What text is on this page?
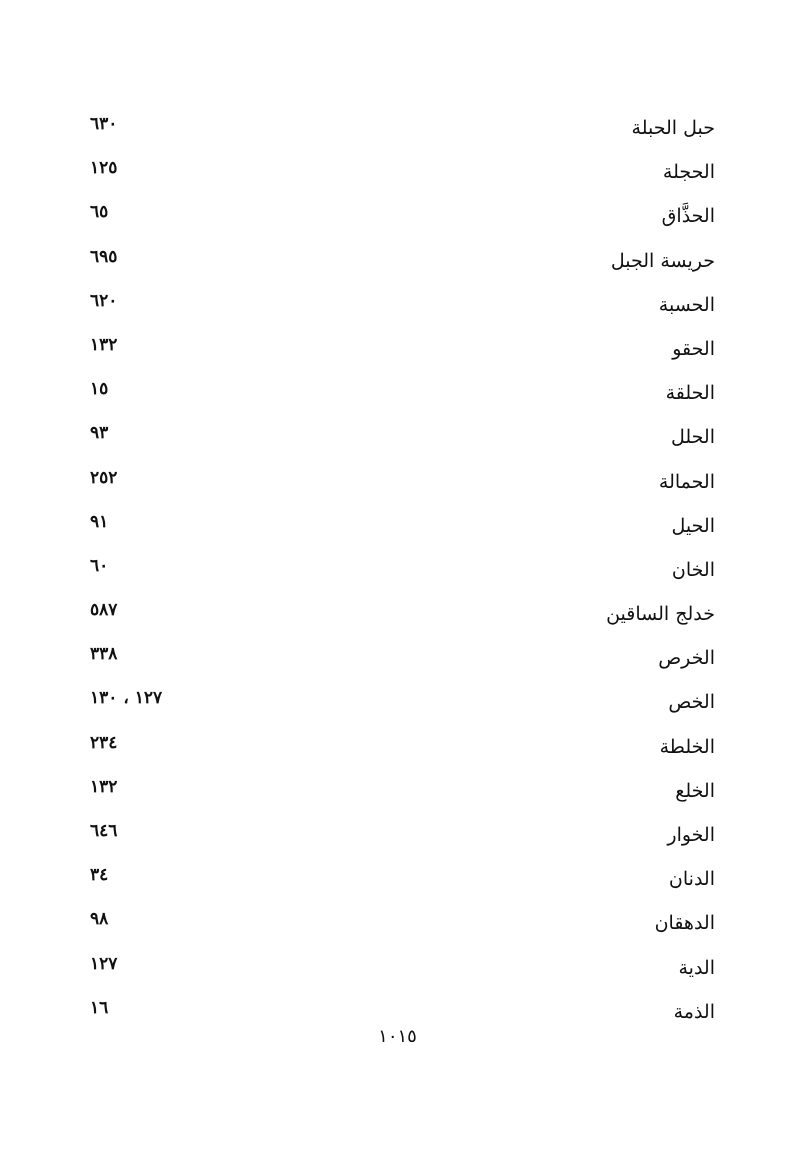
حبل الحبلة
٦٣٠
الحجلة
١٢٥
الحذَّاق
٦٥
حريسة الجبل
٦٩٥
الحسبة
٦٢٠
الحقو
١٣٢
الحلقة
١٥
الحلل
٩٣
الحمالة
٢٥٢
الحيل
٩١
الخان
٦٠
خدلج الساقين
٥٨٧
الخرص
٣٣٨
الخص
١٢٧ ، ١٣٠
الخلطة
٢٣٤
الخلع
١٣٢
الخوار
٦٤٦
الدنان
٣٤
الدهقان
٩٨
الدية
١٢٧
الذمة
١٦
١٠١٥
